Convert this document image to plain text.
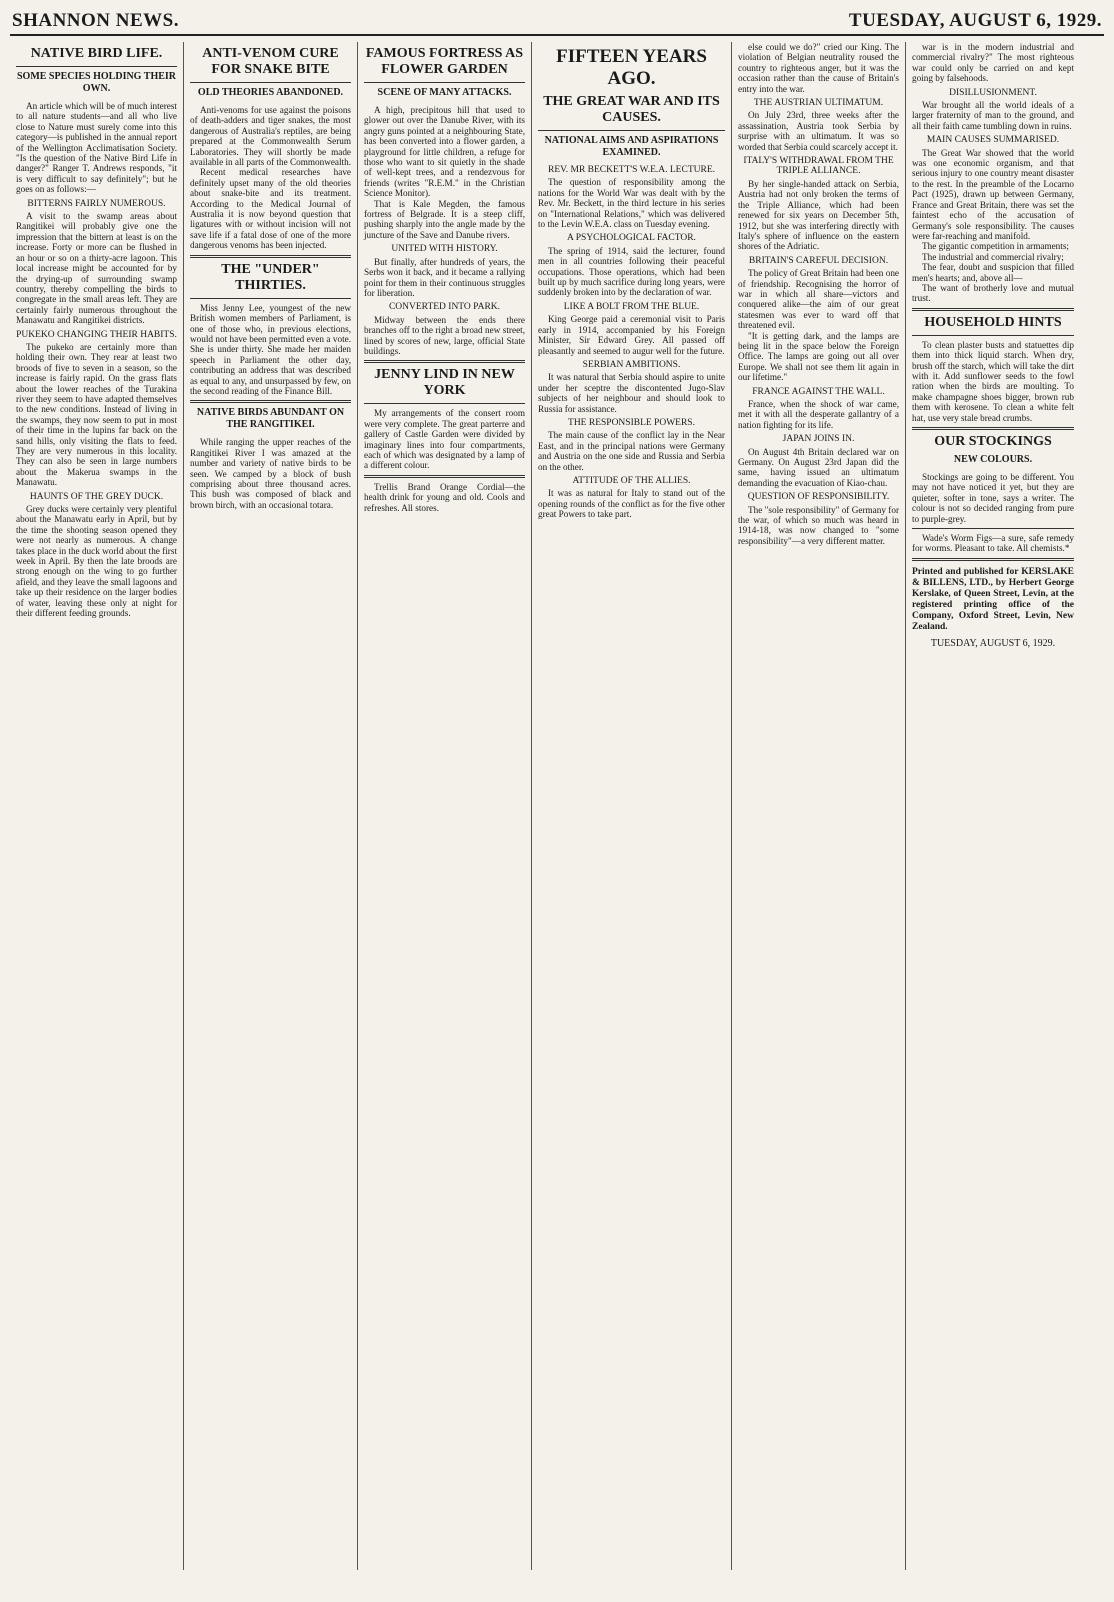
SHANNON NEWS.	TUESDAY, AUGUST 6, 1929.
NATIVE BIRD LIFE.
SOME SPECIES HOLDING THEIR OWN.

An article which will be of much interest to all nature students—and all who live close to Nature must surely come into this category—is published in the annual report of the Wellington Acclimatisation Society. "Is the question of the Native Bird Life in danger?" Ranger T. Andrews responds, "it is very difficult to say definitely"; but he goes on as follows:—

BITTERNS FAIRLY NUMEROUS.

A visit to the swamp areas about Rangitikei will probably give one the impression that the bittern at least is on the increase. Forty or more can be flushed in an hour or so on a thirty-acre lagoon. This local increase might be accounted for by the drying-up of surrounding swamp country, thereby compelling the birds to congregate in the small areas left. They are certainly fairly numerous throughout the Manawatu and Rangitikei districts.

PUKEKO CHANGING THEIR HABITS.

The pukeko are certainly more than holding their own. They rear at least two broods of five to seven in a season, so the increase is fairly rapid. On the grass flats about the lower reaches of the Turakina river they seem to have adapted themselves to the new conditions. Instead of living in the swamps, they now seem to put in most of their time in the lupins far back on the sand hills, only visiting the flats to feed. They are very numerous in this locality. They can also be seen in large numbers about the Makerua swamps in the Manawatu.

HAUNTS OF THE GREY DUCK.

Grey ducks were certainly very plentiful about the Manawatu early in April, but by the time the shooting season opened they were not nearly as numerous. A change takes place in the duck world about the first week in April. By then the late broods are strong enough on the wing to go further afield, and they leave the small lagoons and take up their residence on the larger bodies of water, leaving these only at night for their different feeding grounds.

ANTI-VENOM CURE FOR SNAKE BITE
OLD THEORIES ABANDONED.

Anti-venoms for use against the poisons of death-adders and tiger snakes, the most dangerous of Australia's reptiles, are being prepared at the Commonwealth Serum Laboratories. They will shortly be made available in all parts of the Commonwealth.

Recent medical researches have definitely upset many of the old theories about snake-bite and its treatment. According to the Medical Journal of Australia it is now beyond question that ligatures with or without incision will not save life if a fatal dose of one of the more dangerous venoms has been injected.

THE "UNDER" THIRTIES.

Miss Jenny Lee, youngest of the new British women members of Parliament, is one of those who, in previous elections, would not have been permitted even a vote. She is under thirty. She made her maiden speech in Parliament the other day, contributing an address that was described as equal to any, and unsurpassed by few, on the second reading of the Finance Bill.

NATIVE BIRDS ABUNDANT ON THE RANGITIKEI.

While ranging the upper reaches of the Rangitikei River I was amazed at the number and variety of native birds to be seen. We camped by a block of bush comprising about three thousand acres. This bush was composed of black and brown birch, with an occasional totara.

FAMOUS FORTRESS AS FLOWER GARDEN
SCENE OF MANY ATTACKS.

A high, precipitous hill that used to glower out over the Danube River, with its angry guns pointed at a neighbouring State, has been converted into a flower garden, a playground for little children, a refuge for those who want to sit quietly in the shade of well-kept trees, and a rendezvous for friends (writes "R.E.M." in the Christian Science Monitor).

That is Kale Megden, the famous fortress of Belgrade. It is a steep cliff, pushing sharply into the angle made by the juncture of the Save and Danube rivers.

UNITED WITH HISTORY.

But finally, after hundreds of years, the Serbs won it back, and it became a rallying point for them in their continuous struggles for liberation.

CONVERTED INTO PARK.

Midway between the ends there branches off to the right a broad new street, lined by scores of new, large, official State buildings.

JENNY LIND IN NEW YORK

My arrangements of the consert room were very complete. The great parterre and gallery of Castle Garden were divided by imaginary lines into four compartments, each of which was designated by a lamp of a different colour.

Trellis Brand Orange Cordial—the health drink for young and old. Cools and refreshes. All stores.

FIFTEEN YEARS AGO.
THE GREAT WAR AND ITS CAUSES.
NATIONAL AIMS AND ASPIRATIONS EXAMINED.
REV. MR BECKETT'S W.E.A. LECTURE.

The question of responsibility among the nations for the World War was dealt with by the Rev. Mr. Beckett, in the third lecture in his series on "International Relations," which was delivered to the Levin W.E.A. class on Tuesday evening.

A PSYCHOLOGICAL FACTOR.

The spring of 1914, said the lecturer, found men in all countries following their peaceful occupations. Those operations, which had been built up by much sacrifice during long years, were suddenly broken into by the declaration of war.

LIKE A BOLT FROM THE BLUE.

King George paid a ceremonial visit to Paris early in 1914, accompanied by his Foreign Minister, Sir Edward Grey. All passed off pleasantly and seemed to augur well for the future.

SERBIAN AMBITIONS.

It was natural that Serbia should aspire to unite under her sceptre the discontented Jugo-Slav subjects of her neighbour and should look to Russia for assistance.

THE RESPONSIBLE POWERS.

The main cause of the conflict lay in the Near East, and in the principal nations were Germany and Austria on the one side and Russia and Serbia on the other.

ATTITUDE OF THE ALLIES.

It was as natural for Italy to stand out of the opening rounds of the conflict as for the five other great Powers to take part.

else could we do?" cried our King. The violation of Belgian neutrality roused the country to righteous anger, but it was the occasion rather than the cause of Britain's entry into the war.

THE AUSTRIAN ULTIMATUM.

On July 23rd, three weeks after the assassination, Austria took Serbia by surprise with an ultimatum. It was so worded that Serbia could scarcely accept it.

ITALY'S WITHDRAWAL FROM THE TRIPLE ALLIANCE.

By her single-handed attack on Serbia, Austria had not only broken the terms of the Triple Alliance, which had been renewed for six years on December 5th, 1912, but she was interfering directly with Italy's sphere of influence on the eastern shores of the Adriatic.

BRITAIN'S CAREFUL DECISION.

The policy of Great Britain had been one of friendship. Recognising the horror of war in which all share—victors and conquered alike—the aim of our great statesmen was ever to ward off that threatened evil.

"It is getting dark, and the lamps are being lit in the space below the Foreign Office. The lamps are going out all over Europe. We shall not see them lit again in our lifetime."

FRANCE AGAINST THE WALL.

France, when the shock of war came, met it with all the desperate gallantry of a nation fighting for its life.

JAPAN JOINS IN.

On August 4th Britain declared war on Germany. On August 23rd Japan did the same, having issued an ultimatum demanding the evacuation of Kiao-chau.

QUESTION OF RESPONSIBILITY.

The "sole responsibility" of Germany for the war, of which so much was heard in 1914-18, was now changed to "some responsibility"—a very different matter.

war is in the modern industrial and commercial rivalry?" The most righteous war could only be carried on and kept going by falsehoods.

DISILLUSIONMENT.

War brought all the world ideals of a larger fraternity of man to the ground, and all their faith came tumbling down in ruins.

MAIN CAUSES SUMMARISED.

The Great War showed that the world was one economic organism, and that serious injury to one country meant disaster to the rest. In the preamble of the Locarno Pact (1925), drawn up between Germany, France and Great Britain, there was set the faintest echo of the accusation of Germany's sole responsibility. The causes were far-reaching and manifold.

The gigantic competition in armaments;

The industrial and commercial rivalry;

The fear, doubt and suspicion that filled men's hearts; and, above all—

The want of brotherly love and mutual trust.

HOUSEHOLD HINTS

To clean plaster busts and statuettes dip them into thick liquid starch. When dry, brush off the starch, which will take the dirt with it. Add sunflower seeds to the fowl ration when the birds are moulting. To make champagne shoes bigger, brown rub them with kerosene. To clean a white felt hat, use very stale bread crumbs.

OUR STOCKINGS
NEW COLOURS.

Stockings are going to be different. You may not have noticed it yet, but they are quieter, softer in tone, says a writer. The colour is not so decided ranging from pure to purple-grey.

Wade's Worm Figs—a sure, safe remedy for worms. Pleasant to take. All chemists.*

Printed and published for KERSLAKE & BILLENS, LTD., by Herbert George Kerslake, of Queen Street, Levin, at the registered printing office of the Company, Oxford Street, Levin, New Zealand.
TUESDAY, AUGUST 6, 1929.
